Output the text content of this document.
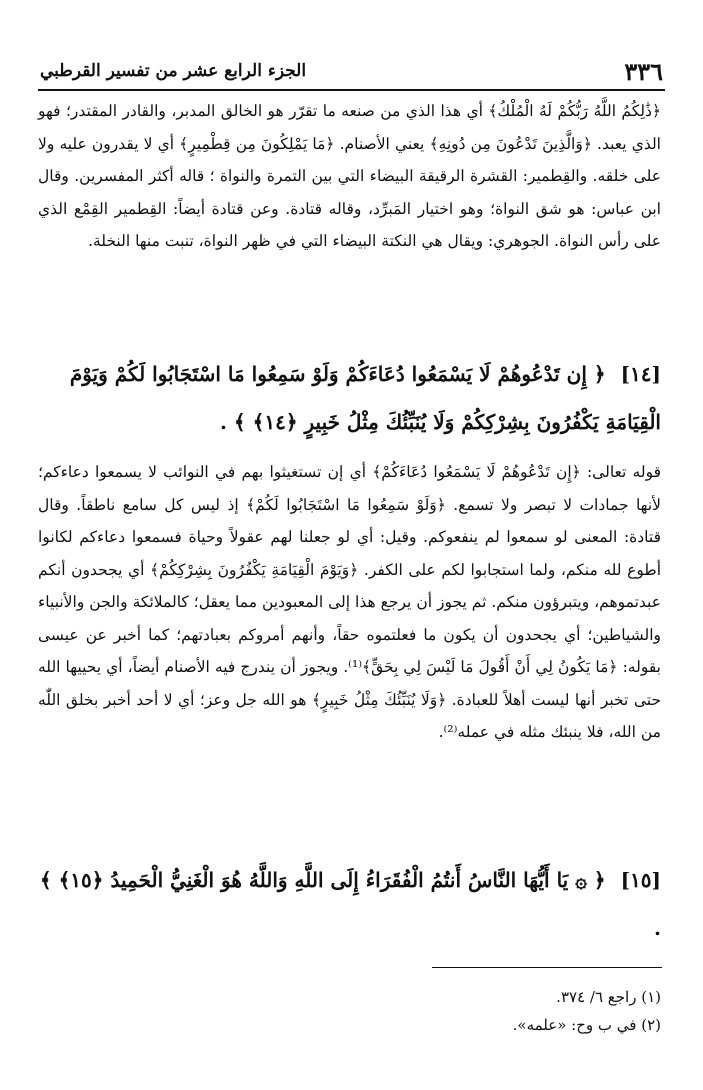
٣٣٦
الجزء الرابع عشر من تفسير القرطبي

﴿ذَٰلِكُمُ اللَّهُ رَبُّكُمْ لَهُ الْمُلْكُ﴾ أي هذا الذي من صنعه ما تقرّر هو الخالق المدبر، والقادر المقتدر؛ فهو الذي يعبد. ﴿وَالَّذِينَ تَدْعُونَ مِن دُونِهِ﴾ يعني الأصنام. ﴿مَا يَمْلِكُونَ مِن قِطْمِيرٍ﴾ أي لا يقدرون عليه ولا على خلقه. والقِطمير: القشرة الرقيقة البيضاء التي بين التمرة والنواة ؛ قاله أكثر المفسرين. وقال ابن عباس: هو شق النواة؛ وهو اختيار المَبرِّد، وقاله قتادة. وعن قتادة أيضاً: القِطمير القِمْع الذي على رأس النواة. الجوهري: ويقال هي النكتة البيضاء التي في ظهر النواة، تنبت منها النخلة.

[١٤] ﴿ إِن تَدْعُوهُمْ لَا يَسْمَعُوا دُعَاءَكُمْ وَلَوْ سَمِعُوا مَا اسْتَجَابُوا لَكُمْ وَيَوْمَ الْقِيَامَةِ يَكْفُرُونَ بِشِرْكِكُمْ وَلَا يُنَبِّئُكَ مِثْلُ خَبِيرٍ ﴿١٤﴾ ﴾ .

قوله تعالى: ﴿إِن تَدْعُوهُمْ لَا يَسْمَعُوا دُعَاءَكُمْ﴾ أي إن تستغيثوا بهم في النوائب لا يسمعوا دعاءكم؛ لأنها جمادات لا تبصر ولا تسمع. ﴿وَلَوْ سَمِعُوا مَا اسْتَجَابُوا لَكُمْ﴾ إذ ليس كل سامع ناطقاً. وقال قتادة: المعنى لو سمعوا لم ينفعوكم. وقيل: أي لو جعلنا لهم عقولاً وحياة فسمعوا دعاءكم لكانوا أطوع لله منكم، ولما استجابوا لكم على الكفر. ﴿وَيَوْمَ الْقِيَامَةِ يَكْفُرُونَ بِشِرْكِكُمْ﴾ أي يجحدون أنكم عبدتموهم، ويتبرؤون منكم. ثم يجوز أن يرجع هذا إلى المعبودين مما يعقل؛ كالملائكة والجن والأنبياء والشياطين؛ أي يجحدون أن يكون ما فعلتموه حقاً، وأنهم أمروكم بعبادتهم؛ كما أخبر عن عيسى بقوله: ﴿مَا يَكُونُ لِي أَنْ أَقُولَ مَا لَيْسَ لِي بِحَقٍّ﴾⁽¹⁾. ويجوز أن يندرج فيه الأصنام أيضاً، أي يحييها الله حتى تخبر أنها ليست أهلاً للعبادة. ﴿وَلَا يُنَبِّئُكَ مِثْلُ خَبِيرٍ﴾ هو الله جل وعز؛ أي لا أحد أخبر بخلق اللّٰه من الله، فلا ينبئك مثله في عمله⁽²⁾.

[١٥] ﴿ ۞ يَا أَيُّهَا النَّاسُ أَنتُمُ الْفُقَرَاءُ إِلَى اللَّهِ وَاللَّهُ هُوَ الْغَنِيُّ الْحَمِيدُ ﴿١٥﴾ ﴾ .
(١) راجع ٦/ ٣٧٤.
(٢) في ب وح: «علمه».
